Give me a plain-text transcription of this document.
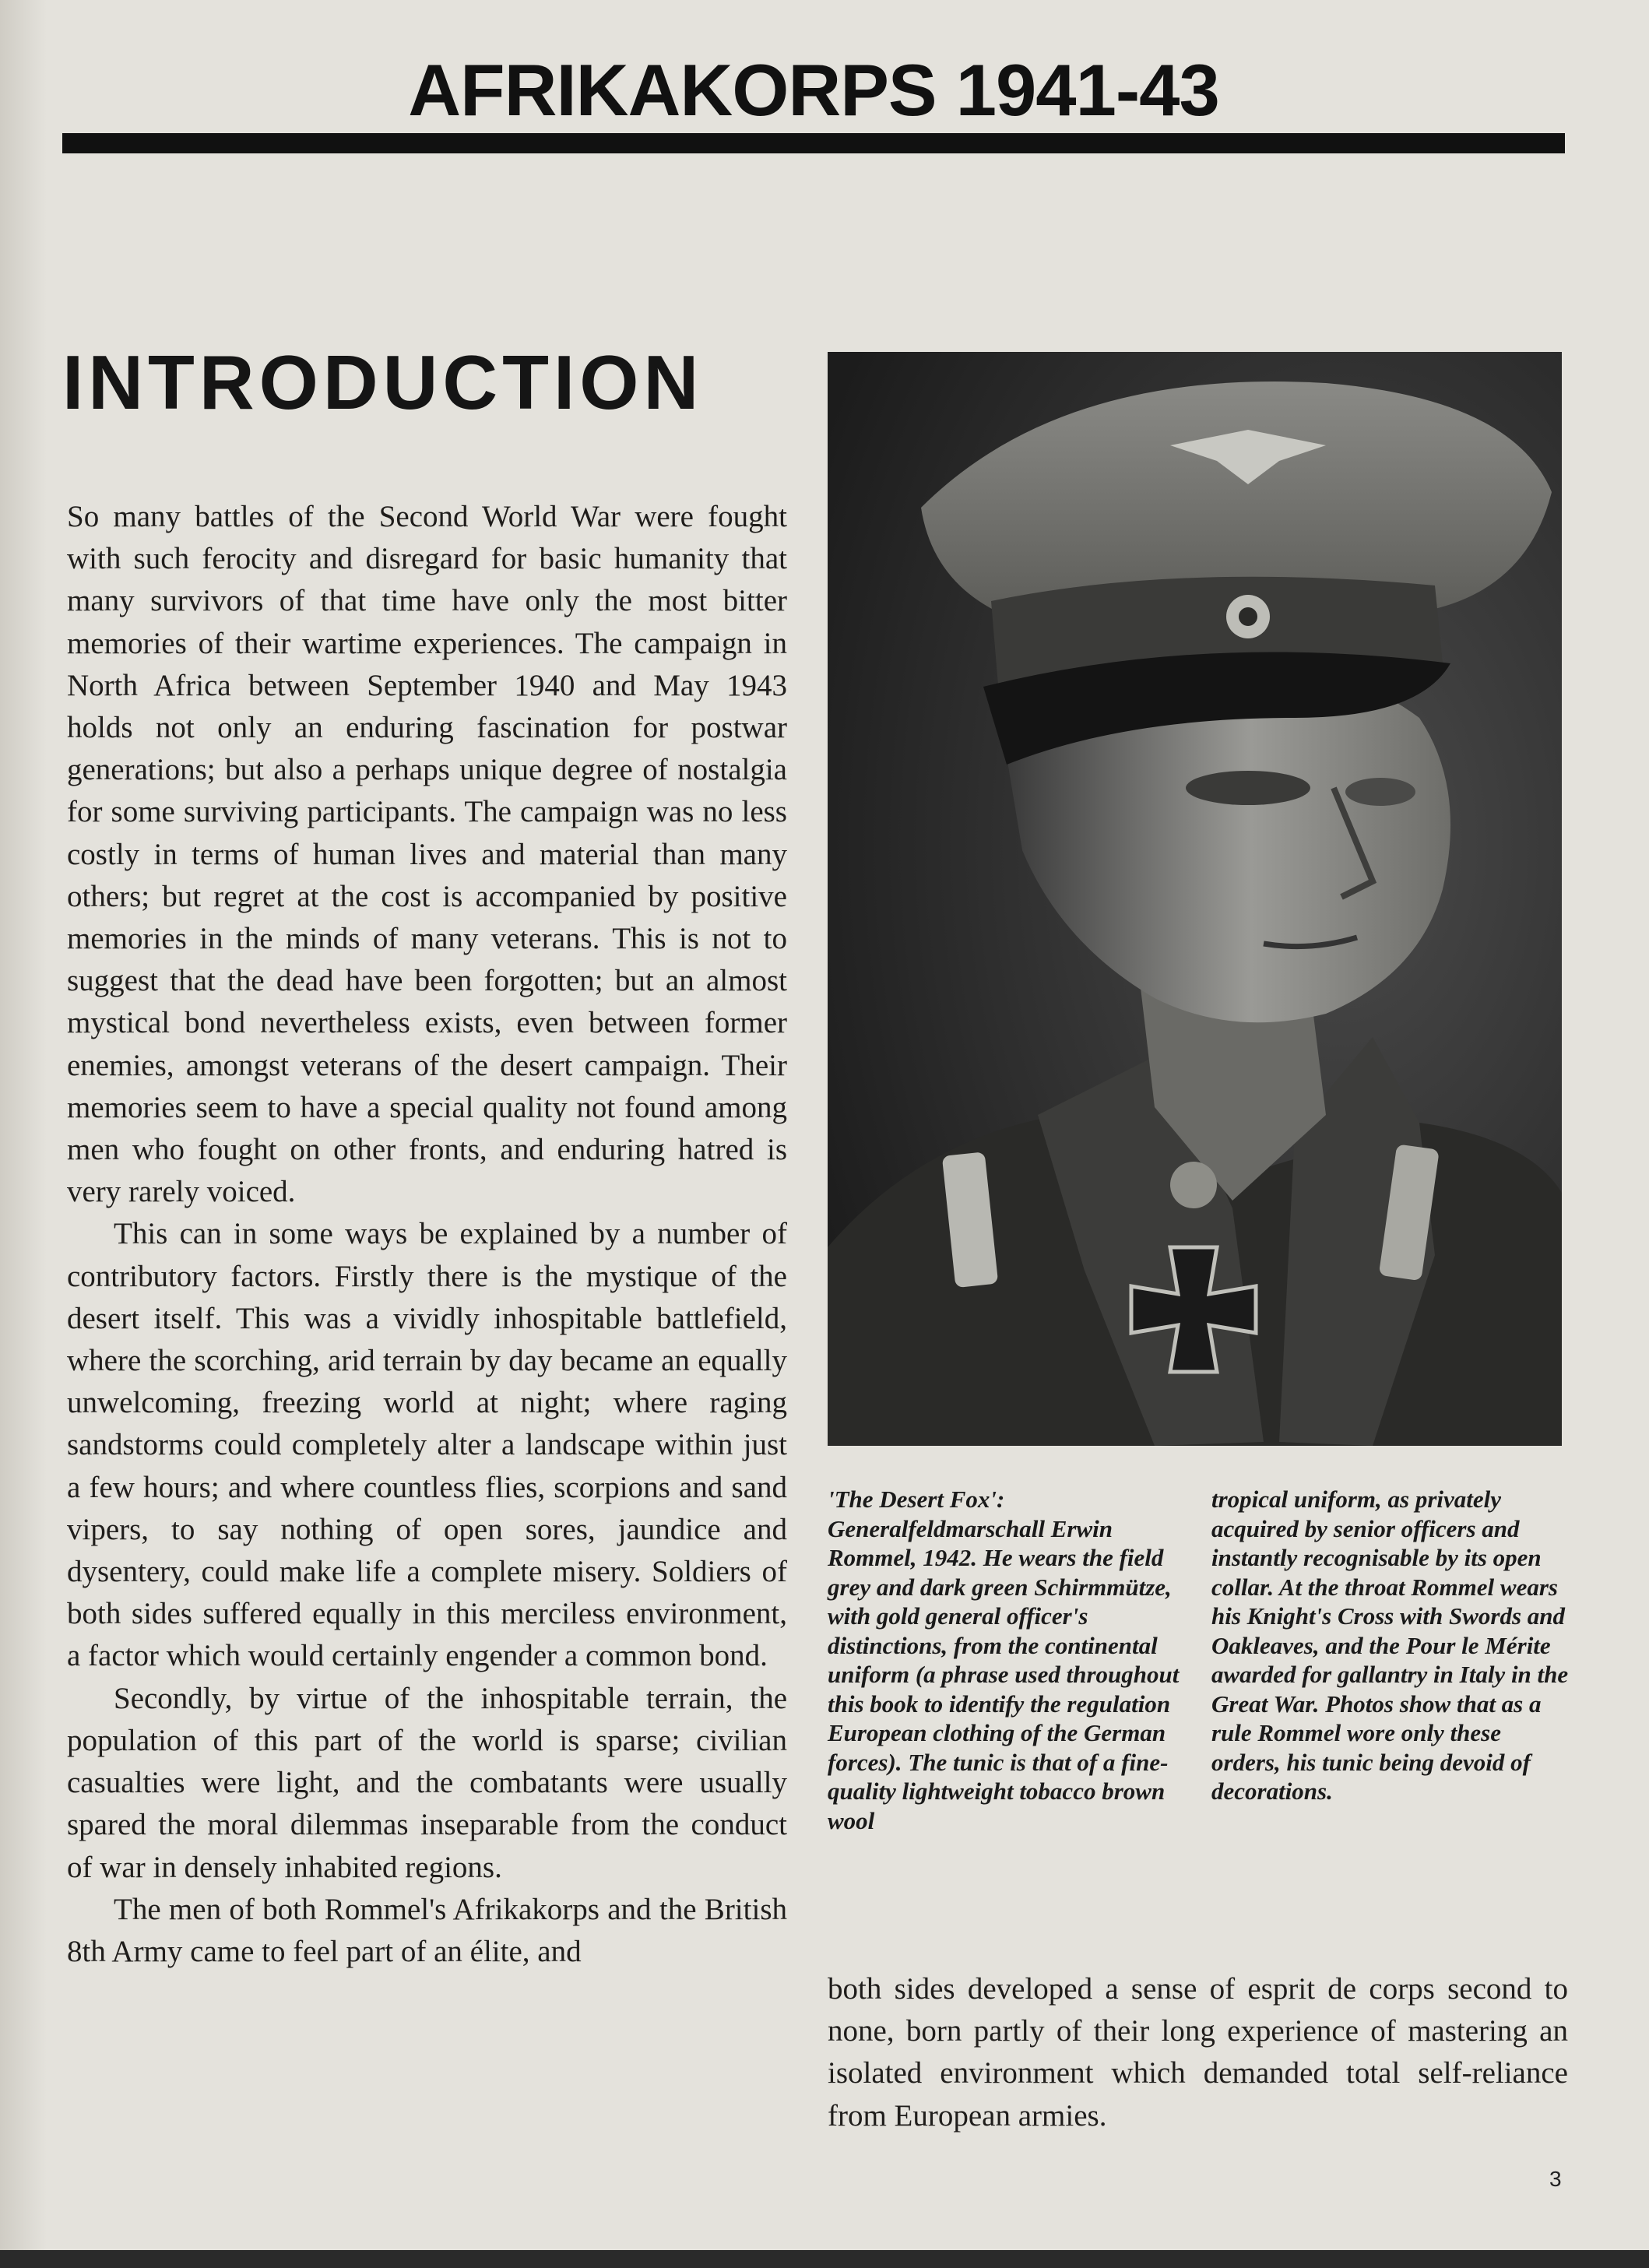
AFRIKAKORPS 1941-43
INTRODUCTION

So many battles of the Second World War were fought with such ferocity and disregard for basic humanity that many survivors of that time have only the most bitter memories of their wartime experiences. The campaign in North Africa between September 1940 and May 1943 holds not only an enduring fascination for postwar generations; but also a perhaps unique degree of nostalgia for some surviving participants. The campaign was no less costly in terms of human lives and material than many others; but regret at the cost is accompanied by positive memories in the minds of many veterans. This is not to suggest that the dead have been forgotten; but an almost mystical bond nevertheless exists, even between former enemies, amongst veterans of the desert campaign. Their memories seem to have a special quality not found among men who fought on other fronts, and enduring hatred is very rarely voiced.

This can in some ways be explained by a number of contributory factors. Firstly there is the mystique of the desert itself. This was a vividly inhospitable battlefield, where the scorching, arid terrain by day became an equally unwelcoming, freezing world at night; where raging sandstorms could completely alter a landscape within just a few hours; and where countless flies, scorpions and sand vipers, to say nothing of open sores, jaundice and dysentery, could make life a complete misery. Soldiers of both sides suffered equally in this merciless environment, a factor which would certainly engender a common bond.

Secondly, by virtue of the inhospitable terrain, the population of this part of the world is sparse; civilian casualties were light, and the combatants were usually spared the moral dilemmas inseparable from the conduct of war in densely inhabited regions.

The men of both Rommel's Afrikakorps and the British 8th Army came to feel part of an élite, and

'The Desert Fox': Generalfeldmarschall Erwin Rommel, 1942. He wears the field grey and dark green Schirmmütze, with gold general officer's distinctions, from the continental uniform (a phrase used throughout this book to identify the regulation European clothing of the German forces). The tunic is that of a fine-quality lightweight tobacco brown wool
tropical uniform, as privately acquired by senior officers and instantly recognisable by its open collar. At the throat Rommel wears his Knight's Cross with Swords and Oakleaves, and the Pour le Mérite awarded for gallantry in Italy in the Great War. Photos show that as a rule Rommel wore only these orders, his tunic being devoid of decorations.
both sides developed a sense of esprit de corps second to none, born partly of their long experience of mastering an isolated environment which demanded total self-reliance from European armies.
3
